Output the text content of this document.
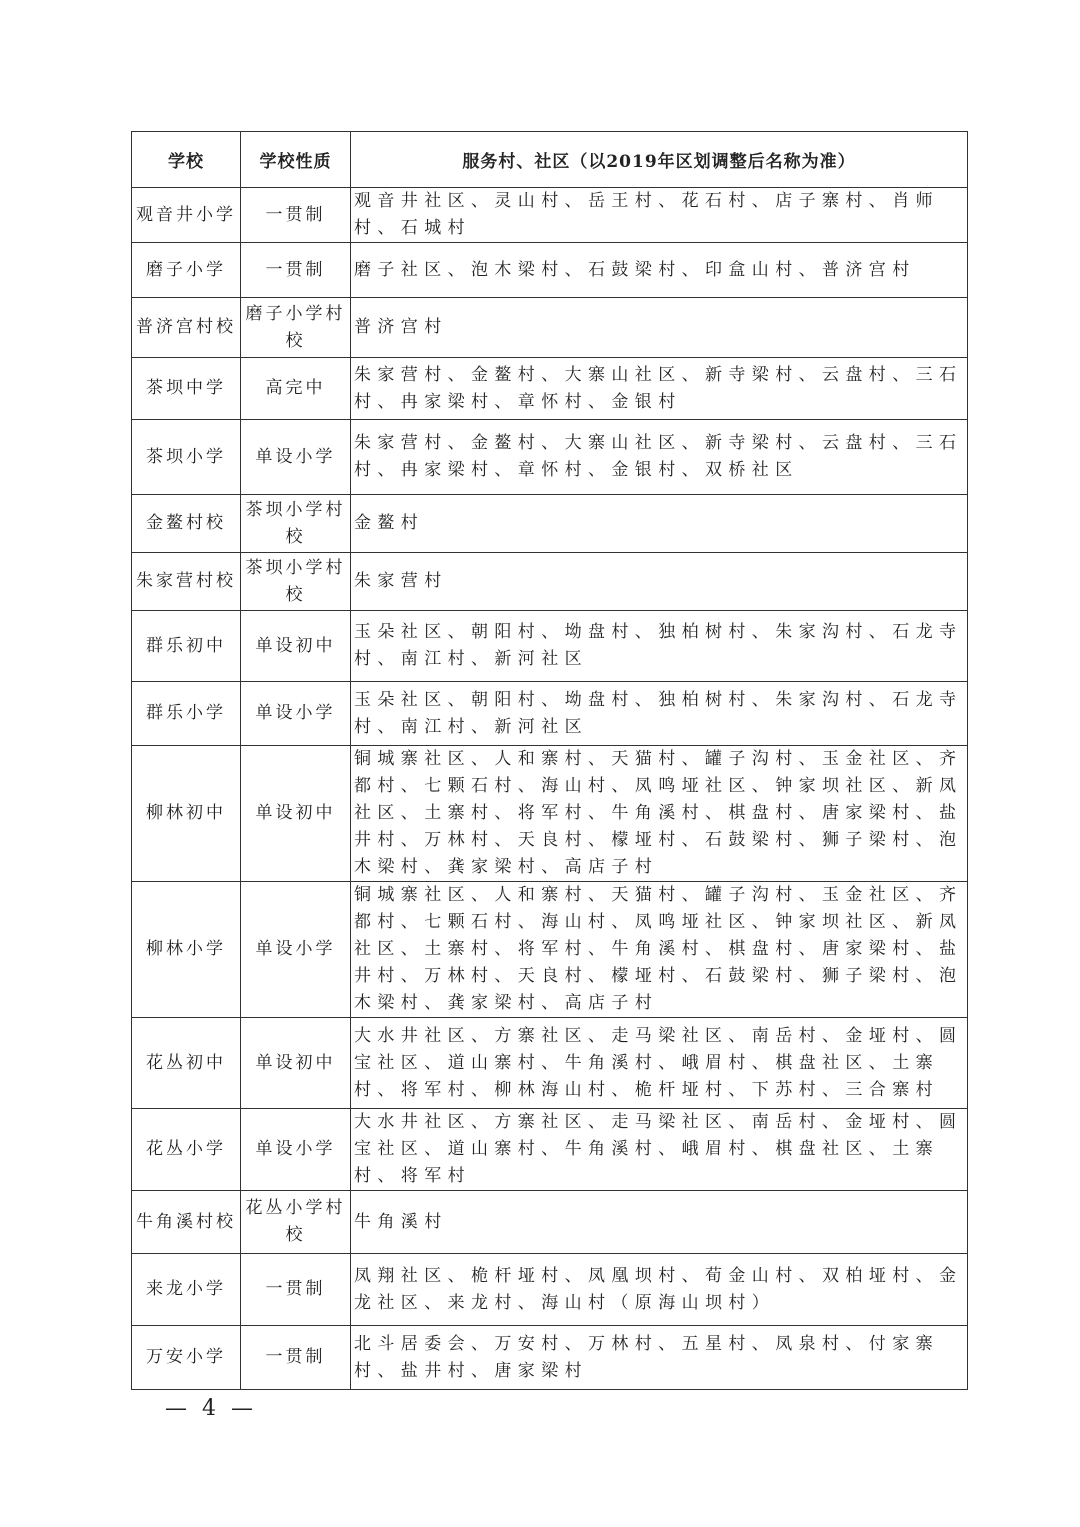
学校	学校性质	服务村、社区（以2019年区划调整后名称为准）
观音井小学	一贯制	观音井社区、灵山村、岳王村、花石村、店子寨村、肖师村、石城村
磨子小学	一贯制	磨子社区、泡木梁村、石鼓梁村、印盒山村、普济宫村
普济宫村校	磨子小学村校	普济宫村
茶坝中学	高完中	朱家营村、金鳌村、大寨山社区、新寺梁村、云盘村、三石村、冉家梁村、章怀村、金银村
茶坝小学	单设小学	朱家营村、金鳌村、大寨山社区、新寺梁村、云盘村、三石村、冉家梁村、章怀村、金银村、双桥社区
金鳌村校	茶坝小学村校	金鳌村
朱家营村校	茶坝小学村校	朱家营村
群乐初中	单设初中	玉朵社区、朝阳村、坳盘村、独柏树村、朱家沟村、石龙寺村、南江村、新河社区
群乐小学	单设小学	玉朵社区、朝阳村、坳盘村、独柏树村、朱家沟村、石龙寺村、南江村、新河社区
柳林初中	单设初中	铜城寨社区、人和寨村、天猫村、罐子沟村、玉金社区、齐都村、七颗石村、海山村、凤鸣垭社区、钟家坝社区、新凤社区、土寨村、将军村、牛角溪村、棋盘村、唐家梁村、盐井村、万林村、天良村、檬垭村、石鼓梁村、狮子梁村、泡木梁村、龚家梁村、高店子村
柳林小学	单设小学	铜城寨社区、人和寨村、天猫村、罐子沟村、玉金社区、齐都村、七颗石村、海山村、凤鸣垭社区、钟家坝社区、新凤社区、土寨村、将军村、牛角溪村、棋盘村、唐家梁村、盐井村、万林村、天良村、檬垭村、石鼓梁村、狮子梁村、泡木梁村、龚家梁村、高店子村
花丛初中	单设初中	大水井社区、方寨社区、走马梁社区、南岳村、金垭村、圆宝社区、道山寨村、牛角溪村、峨眉村、棋盘社区、土寨村、将军村、柳林海山村、桅杆垭村、下苏村、三合寨村
花丛小学	单设小学	大水井社区、方寨社区、走马梁社区、南岳村、金垭村、圆宝社区、道山寨村、牛角溪村、峨眉村、棋盘社区、土寨村、将军村
牛角溪村校	花丛小学村校	牛角溪村
来龙小学	一贯制	凤翔社区、桅杆垭村、凤凰坝村、荀金山村、双柏垭村、金龙社区、来龙村、海山村（原海山坝村）
万安小学	一贯制	北斗居委会、万安村、万林村、五星村、凤泉村、付家寨村、盐井村、唐家梁村
— 4 —
